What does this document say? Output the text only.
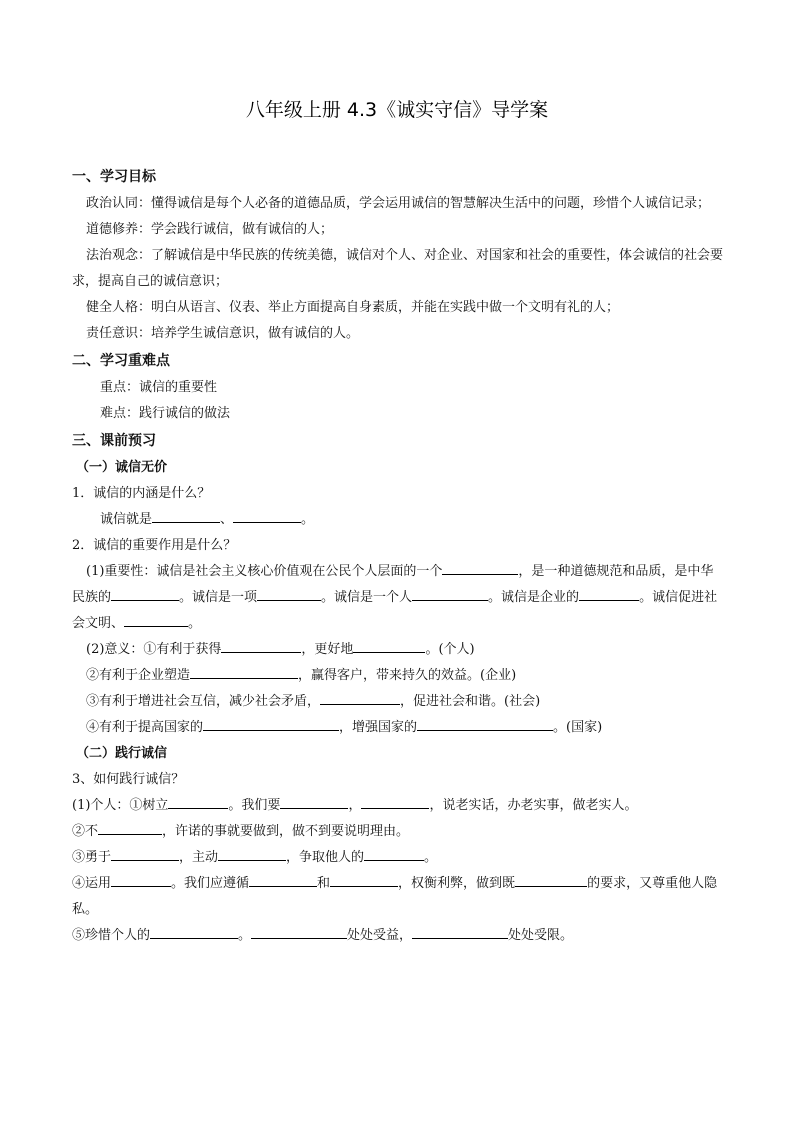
八年级上册 4.3《诚实守信》导学案
一、学习目标

政治认同：懂得诚信是每个人必备的道德品质，学会运用诚信的智慧解决生活中的问题，珍惜个人诚信记录；

道德修养：学会践行诚信，做有诚信的人；

法治观念：了解诚信是中华民族的传统美德，诚信对个人、对企业、对国家和社会的重要性，体会诚信的社会要求，提高自己的诚信意识；

健全人格：明白从语言、仪表、举止方面提高自身素质，并能在实践中做一个文明有礼的人；

责任意识：培养学生诚信意识，做有诚信的人。

二、学习重难点

重点：诚信的重要性

难点：践行诚信的做法

三、课前预习
（一）诚信无价

1．诚信的内涵是什么？

诚信就是	、	。

2．诚信的重要作用是什么？

(1)重要性：诚信是社会主义核心价值观在公民个人层面的一个	，是一种道德规范和品质，是中华民族的	。诚信是一项	。诚信是一个人	。诚信是企业的	。诚信促进社会文明、	。

(2)意义：①有利于获得	，更好地	。(个人)

②有利于企业塑造	，赢得客户，带来持久的效益。(企业)

③有利于增进社会互信，减少社会矛盾，	，促进社会和谐。(社会)

④有利于提高国家的	，增强国家的	。(国家)

（二）践行诚信

3、如何践行诚信？

(1)个人：①树立	。我们要	，	，说老实话，办老实事，做老实人。

②不	，许诺的事就要做到，做不到要说明理由。

③勇于	，主动	，争取他人的	。

④运用	。我们应遵循	和	，权衡利弊，做到既	的要求，又尊重他人隐私。

⑤珍惜个人的	。	处处受益，	处处受限。
